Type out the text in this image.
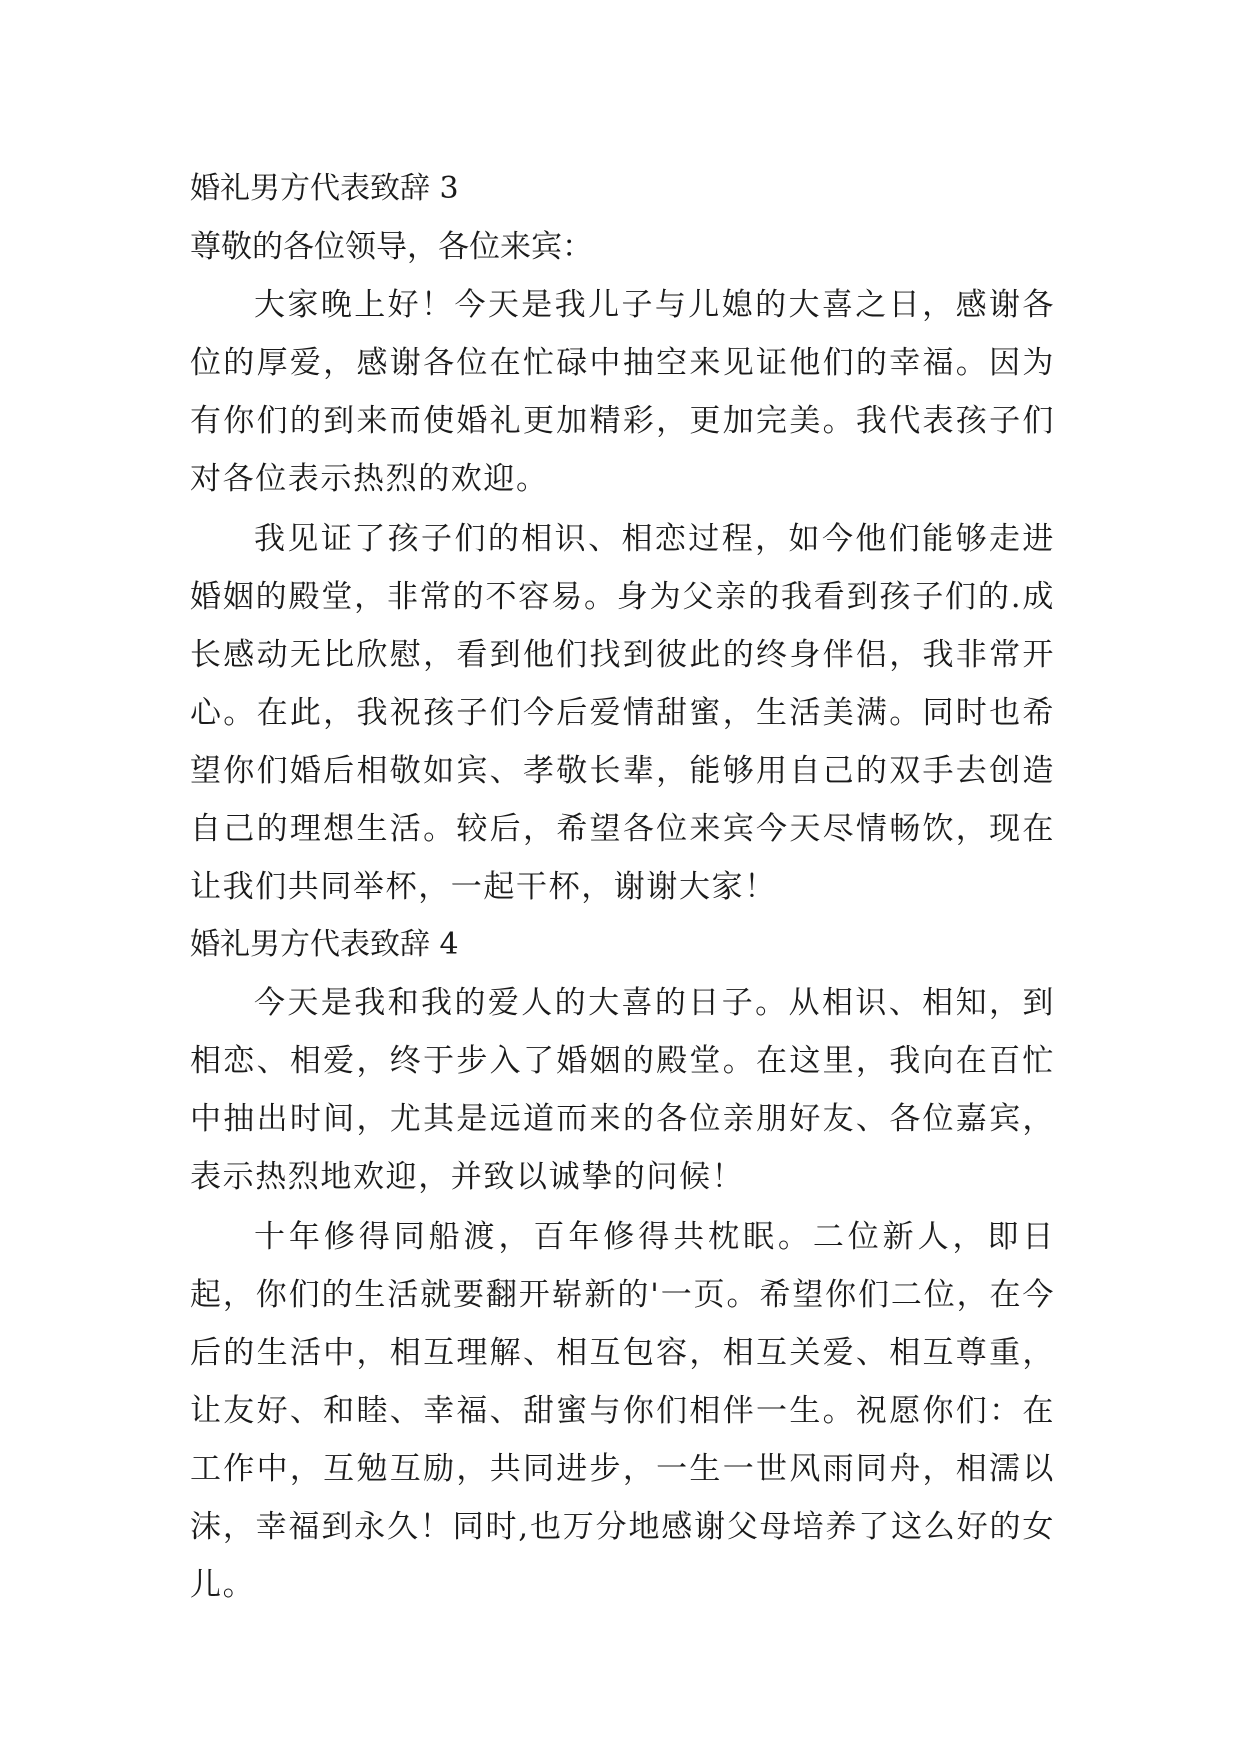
婚礼男方代表致辞 3

尊敬的各位领导，各位来宾：

大家晚上好！今天是我儿子与儿媳的大喜之日，感谢各位的厚爱，感谢各位在忙碌中抽空来见证他们的幸福。因为有你们的到来而使婚礼更加精彩，更加完美。我代表孩子们对各位表示热烈的欢迎。

我见证了孩子们的相识、相恋过程，如今他们能够走进婚姻的殿堂，非常的不容易。身为父亲的我看到孩子们的.成长感动无比欣慰，看到他们找到彼此的终身伴侣，我非常开心。在此，我祝孩子们今后爱情甜蜜，生活美满。同时也希望你们婚后相敬如宾、孝敬长辈，能够用自己的双手去创造自己的理想生活。较后，希望各位来宾今天尽情畅饮，现在让我们共同举杯，一起干杯，谢谢大家！

婚礼男方代表致辞 4

今天是我和我的爱人的大喜的日子。从相识、相知，到相恋、相爱，终于步入了婚姻的殿堂。在这里，我向在百忙中抽出时间，尤其是远道而来的各位亲朋好友、各位嘉宾，表示热烈地欢迎，并致以诚挚的问候！

十年修得同船渡，百年修得共枕眠。二位新人，即日起，你们的生活就要翻开崭新的'一页。希望你们二位，在今后的生活中，相互理解、相互包容，相互关爱、相互尊重，让友好、和睦、幸福、甜蜜与你们相伴一生。祝愿你们：在工作中，互勉互励，共同进步，一生一世风雨同舟，相濡以沫，幸福到永久！同时,也万分地感谢父母培养了这么好的女儿。
